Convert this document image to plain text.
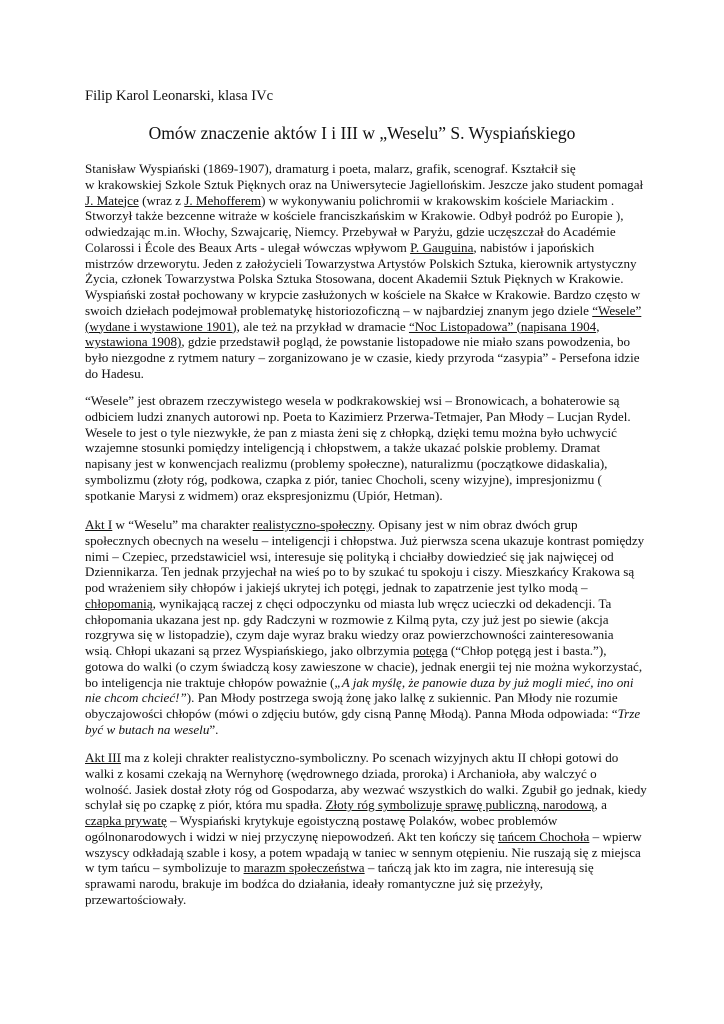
Filip Karol Leonarski, klasa IVc
Omów znaczenie aktów I i III w „Weselu” S. Wyspiańskiego
Stanisław Wyspiański (1869-1907), dramaturg i poeta, malarz, grafik, scenograf. Kształcił się
w krakowskiej Szkole Sztuk Pięknych oraz na Uniwersytecie Jagiellońskim. Jeszcze jako student pomagał
J. Matejce (wraz z J. Mehofferem) w wykonywaniu polichromii w krakowskim kościele Mariackim .
Stworzył także bezcenne witraże w kościele franciszkańskim w Krakowie. Odbył podróż po Europie ),
odwiedzając m.in. Włochy, Szwajcarię, Niemcy. Przebywał w Paryżu, gdzie uczęszczał do Académie
Colarossi i École des Beaux Arts - ulegał wówczas wpływom P. Gauguina, nabistów i japońskich
mistrzów drzeworytu. Jeden z założycieli Towarzystwa Artystów Polskich Sztuka, kierownik artystyczny
Życia, członek Towarzystwa Polska Sztuka Stosowana, docent Akademii Sztuk Pięknych w Krakowie.
Wyspiański został pochowany w krypcie zasłużonych w kościele na Skałce w Krakowie. Bardzo często w
swoich dziełach podejmował problematykę historiozoficzną – w najbardziej znanym jego dziele “Wesele”
(wydane i wystawione 1901), ale też na przykład w dramacie “Noc Listopadowa” (napisana 1904,
wystawiona 1908), gdzie przedstawił pogląd, że powstanie listopadowe nie miało szans powodzenia, bo
było niezgodne z rytmem natury – zorganizowano je w czasie, kiedy przyroda “zasypia” - Persefona idzie
do Hadesu.
“Wesele” jest obrazem rzeczywistego wesela w podkrakowskiej wsi – Bronowicach, a bohaterowie są
odbiciem ludzi znanych autorowi np. Poeta to Kazimierz Przerwa-Tetmajer, Pan Młody – Lucjan Rydel.
Wesele to jest o tyle niezwykłe, że pan z miasta żeni się z chłopką, dzięki temu można było uchwycić
wzajemne stosunki pomiędzy inteligencją i chłopstwem, a także ukazać polskie problemy. Dramat
napisany jest w konwencjach realizmu (problemy społeczne), naturalizmu (początkowe didaskalia),
symbolizmu (złoty róg, podkowa, czapka z piór, taniec Chocholi, sceny wizyjne), impresjonizmu (
spotkanie Marysi z widmem) oraz ekspresjonizmu (Upiór, Hetman).
Akt I w “Weselu” ma charakter realistyczno-społeczny. Opisany jest w nim obraz dwóch grup
społecznych obecnych na weselu – inteligencji i chłopstwa. Już pierwsza scena ukazuje kontrast pomiędzy
nimi – Czepiec, przedstawiciel wsi, interesuje się polityką i chciałby dowiedzieć się jak najwięcej od
Dziennikarza. Ten jednak przyjechał na wieś po to by szukać tu spokoju i ciszy. Mieszkańcy Krakowa są
pod wrażeniem siły chłopów i jakiejś ukrytej ich potęgi, jednak to zapatrzenie jest tylko modą –
chłopomanią, wynikającą raczej z chęci odpoczynku od miasta lub wręcz ucieczki od dekadencji. Ta
chłopomania ukazana jest np. gdy Radczyni w rozmowie z Kilmą pyta, czy już jest po siewie (akcja
rozgrywa się w listopadzie), czym daje wyraz braku wiedzy oraz powierzchowności zainteresowania
wsią. Chłopi ukazani są przez Wyspiańskiego, jako olbrzymia potęga (“Chłop potęgą jest i basta.”),
gotowa do walki (o czym świadczą kosy zawieszone w chacie), jednak energii tej nie można wykorzystać,
bo inteligencja nie traktuje chłopów poważnie („A jak myślę, że panowie duza by już mogli mieć, ino oni
nie chcom chcieć!”). Pan Młody postrzega swoją żonę jako lalkę z sukiennic. Pan Młody nie rozumie
obyczajowości chłopów (mówi o zdjęciu butów, gdy cisną Pannę Młodą). Panna Młoda odpowiada: “Trze
być w butach na weselu”.
Akt III ma z koleji chrakter realistyczno-symboliczny. Po scenach wizyjnych aktu II chłopi gotowi do
walki z kosami czekają na Wernyhorę (wędrownego dziada, proroka) i Archanioła, aby walczyć o
wolność. Jasiek dostał złoty róg od Gospodarza, aby wezwać wszystkich do walki. Zgubił go jednak, kiedy
schylał się po czapkę z piór, która mu spadła. Złoty róg symbolizuje sprawę publiczną, narodową, a
czapka prywatę – Wyspiański krytykuje egoistyczną postawę Polaków, wobec problemów
ogólnonarodowych i widzi w niej przyczynę niepowodzeń. Akt ten kończy się tańcem Chochoła – wpierw
wszyscy odkładają szable i kosy, a potem wpadają w taniec w sennym otępieniu. Nie ruszają się z miejsca
w tym tańcu – symbolizuje to marazm społeczeństwa – tańczą jak kto im zagra, nie interesują się
sprawami narodu, brakuje im bodźca do działania, ideały romantyczne już się przeżyły,
przewartościowały.
